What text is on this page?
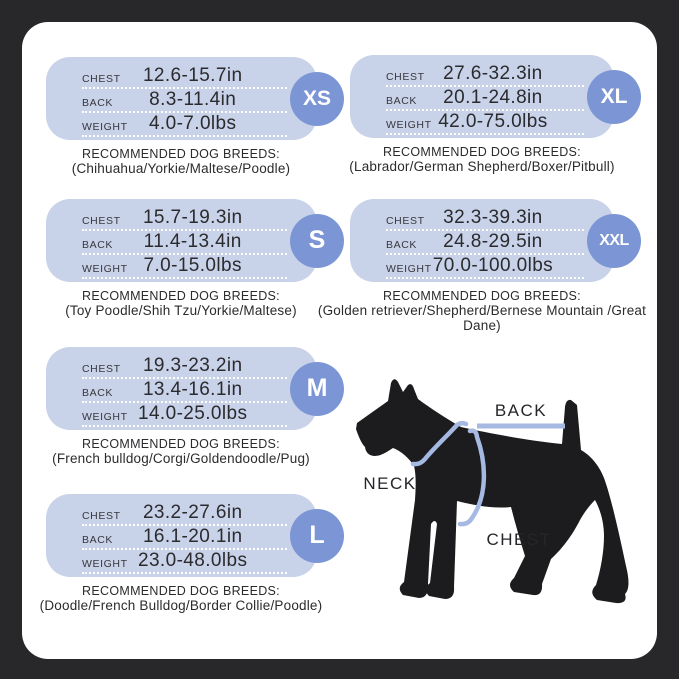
CHEST 12.6-15.7in
BACK 8.3-11.4in
WEIGHT 4.0-7.0lbs
XS
RECOMMENDED DOG BREEDS:
(Chihuahua/Yorkie/Maltese/Poodle)
CHEST 15.7-19.3in
BACK 11.4-13.4in
WEIGHT 7.0-15.0lbs
S
RECOMMENDED DOG BREEDS:
(Toy Poodle/Shih Tzu/Yorkie/Maltese)
CHEST 19.3-23.2in
BACK 13.4-16.1in
WEIGHT 14.0-25.0lbs
M
RECOMMENDED DOG BREEDS:
(French bulldog/Corgi/Goldendoodle/Pug)
CHEST 23.2-27.6in
BACK 16.1-20.1in
WEIGHT 23.0-48.0lbs
L
RECOMMENDED DOG BREEDS:
(Doodle/French Bulldog/Border Collie/Poodle)
CHEST 27.6-32.3in
BACK 20.1-24.8in
WEIGHT 42.0-75.0lbs
XL
RECOMMENDED DOG BREEDS:
(Labrador/German Shepherd/Boxer/Pitbull)
CHEST 32.3-39.3in
BACK 24.8-29.5in
WEIGHT 70.0-100.0lbs
XXL
RECOMMENDED DOG BREEDS:
(Golden retriever/Shepherd/Bernese Mountain /Great Dane)
BACK
NECK
CHEST
